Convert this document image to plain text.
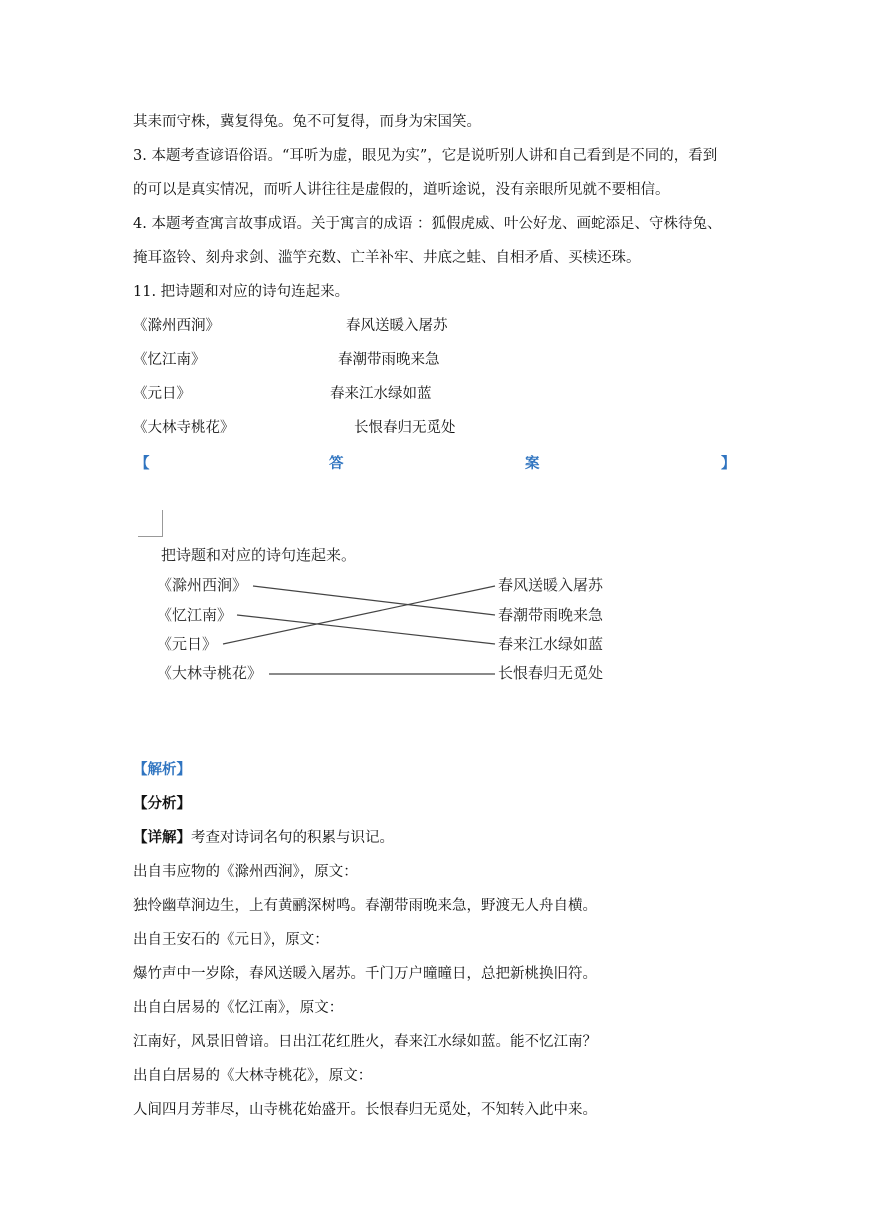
其耒而守株，冀复得兔。兔不可复得，而身为宋国笑。
3. 本题考查谚语俗语。“耳听为虚，眼见为实”，它是说听别人讲和自己看到是不同的，看到
的可以是真实情况，而听人讲往往是虚假的，道听途说，没有亲眼所见就不要相信。
4. 本题考查寓言故事成语。关于寓言的成语 ：狐假虎威、叶公好龙、画蛇添足、守株待兔、
掩耳盗铃、刻舟求剑、滥竽充数、亡羊补牢、井底之蛙、自相矛盾、买椟还珠。
11. 把诗题和对应的诗句连起来。
《滁州西涧》	春风送暖入屠苏
《忆江南》	春潮带雨晚来急
《元日》	春来江水绿如蓝
《大林寺桃花》	长恨春归无觅处
【	答	案	】
把诗题和对应的诗句连起来。
《滁州西涧》
《忆江南》
《元日》
《大林寺桃花》
春风送暖入屠苏
春潮带雨晚来急
春来江水绿如蓝
长恨春归无觅处
【解析】
【分析】
【详解】考查对诗词名句的积累与识记。
出自韦应物的《滁州西涧》，原文：
独怜幽草涧边生，上有黄鹂深树鸣。春潮带雨晚来急，野渡无人舟自横。
出自王安石的《元日》，原文：
爆竹声中一岁除，春风送暖入屠苏。千门万户曈曈日，总把新桃换旧符。
出自白居易的《忆江南》，原文：
江南好，风景旧曾谙。日出江花红胜火，春来江水绿如蓝。能不忆江南？
出自白居易的《大林寺桃花》，原文：
人间四月芳菲尽，山寺桃花始盛开。长恨春归无觅处，不知转入此中来。
